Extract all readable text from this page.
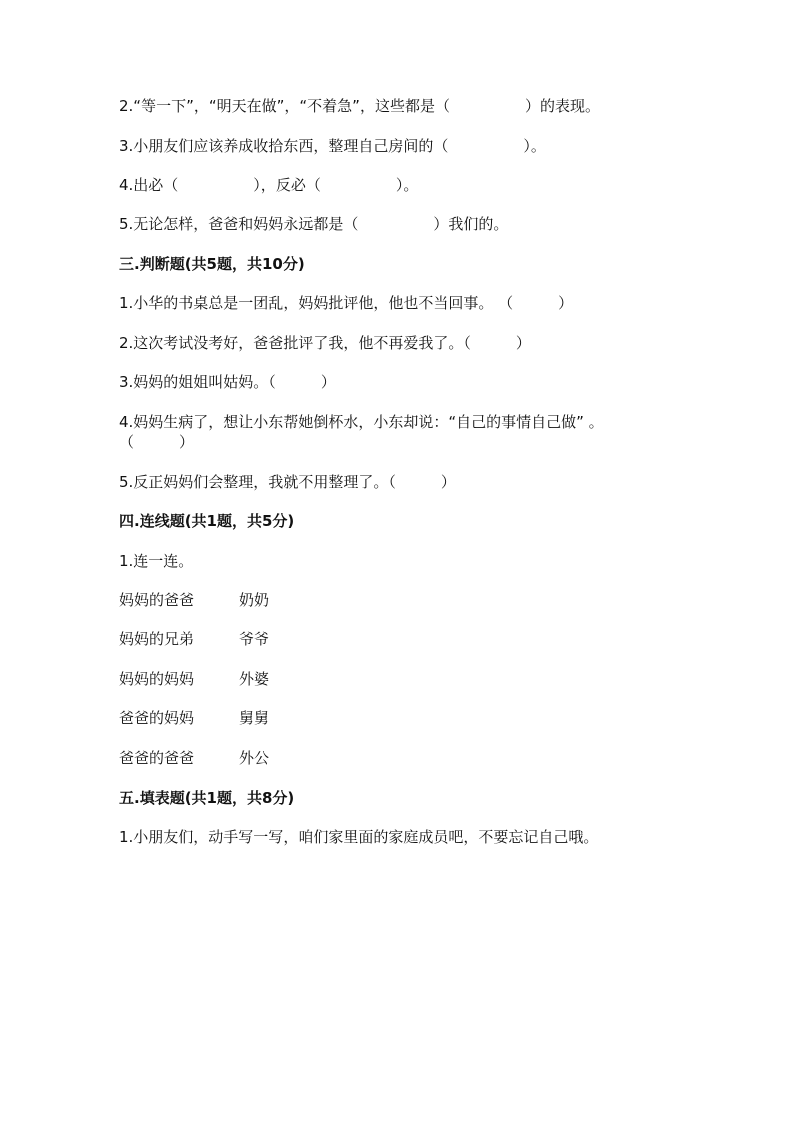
2.“等一下”，“明天在做”，“不着急”，这些都是（　　　　　）的表现。
3.小朋友们应该养成收拾东西，整理自己房间的（　　　　　）。
4.出必（　　　　　），反必（　　　　　）。
5.无论怎样，爸爸和妈妈永远都是（　　　　　）我们的。
三.判断题(共5题，共10分)
1.小华的书桌总是一团乱，妈妈批评他，他也不当回事。 （　　　）
2.这次考试没考好，爸爸批评了我，他不再爱我了。（　　　）
3.妈妈的姐姐叫姑妈。（　　　）
4.妈妈生病了，想让小东帮她倒杯水，小东却说：“自己的事情自己做” 。
（　　　）
5.反正妈妈们会整理，我就不用整理了。（　　　）
四.连线题(共1题，共5分)
1.连一连。
妈妈的爸爸	奶奶
妈妈的兄弟	爷爷
妈妈的妈妈	外婆
爸爸的妈妈	舅舅
爸爸的爸爸	外公
五.填表题(共1题，共8分)
1.小朋友们，动手写一写，咱们家里面的家庭成员吧，不要忘记自己哦。
